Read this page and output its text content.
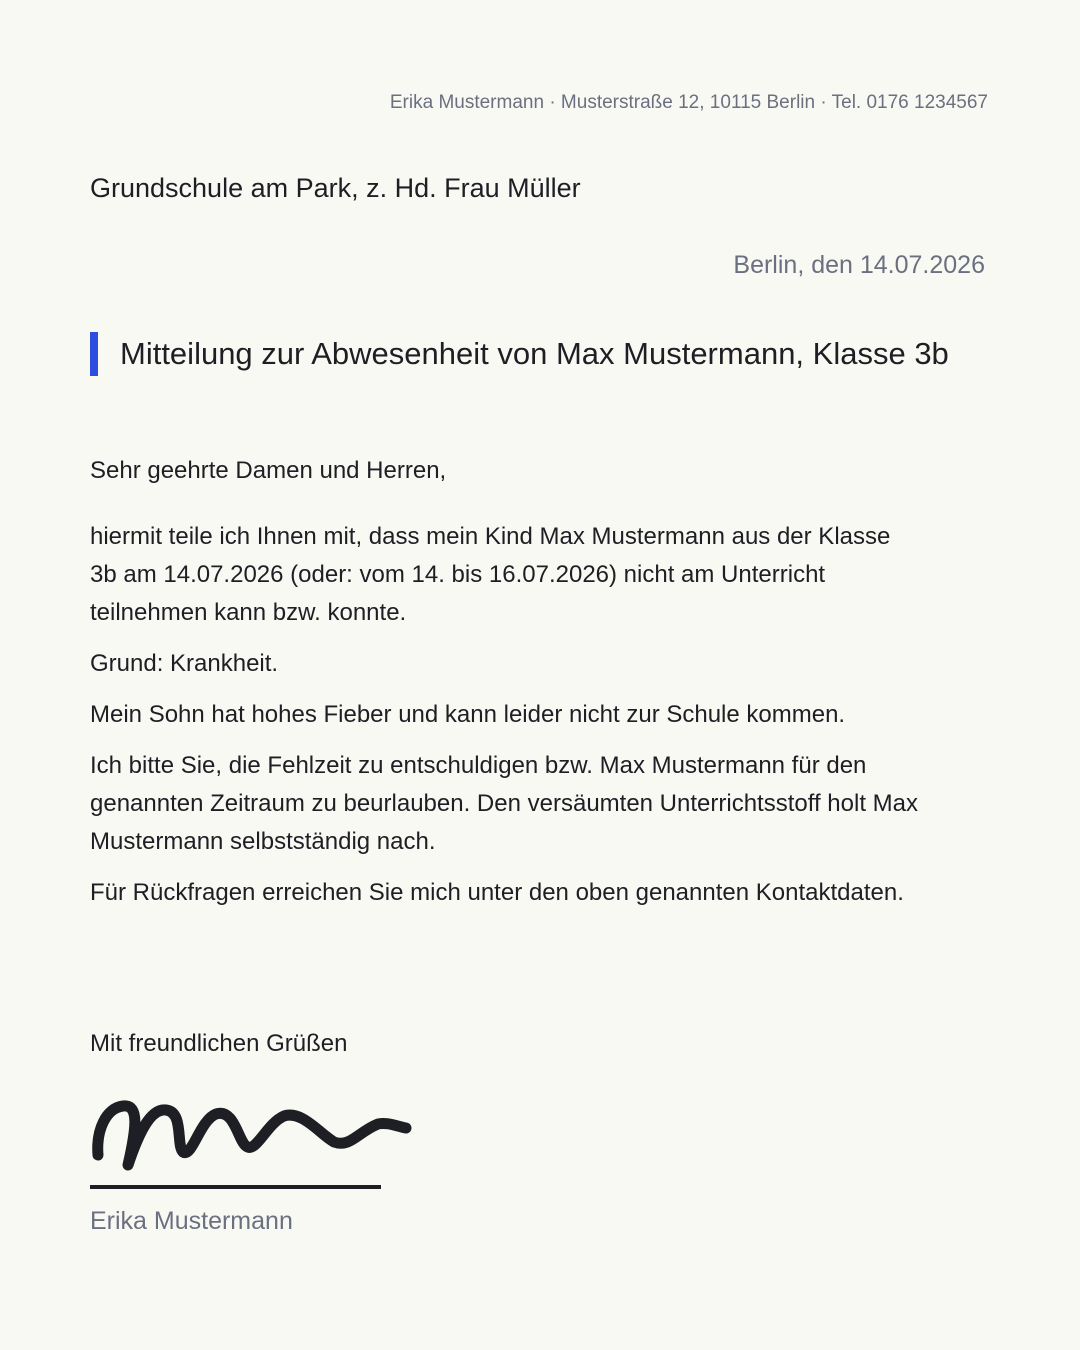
Erika Mustermann · Musterstraße 12, 10115 Berlin · Tel. 0176 1234567
Grundschule am Park, z. Hd. Frau Müller
Berlin, den 14.07.2026
Mitteilung zur Abwesenheit von Max Mustermann, Klasse 3b

Sehr geehrte Damen und Herren,

hiermit teile ich Ihnen mit, dass mein Kind Max Mustermann aus der Klasse 3b am 14.07.2026 (oder: vom 14. bis 16.07.2026) nicht am Unterricht teilnehmen kann bzw. konnte.

Grund: Krankheit.

Mein Sohn hat hohes Fieber und kann leider nicht zur Schule kommen.

Ich bitte Sie, die Fehlzeit zu entschuldigen bzw. Max Mustermann für den genannten Zeitraum zu beurlauben. Den versäumten Unterrichtsstoff holt Max Mustermann selbstständig nach.

Für Rückfragen erreichen Sie mich unter den oben genannten Kontaktdaten.

Mit freundlichen Grüßen
Erika Mustermann
